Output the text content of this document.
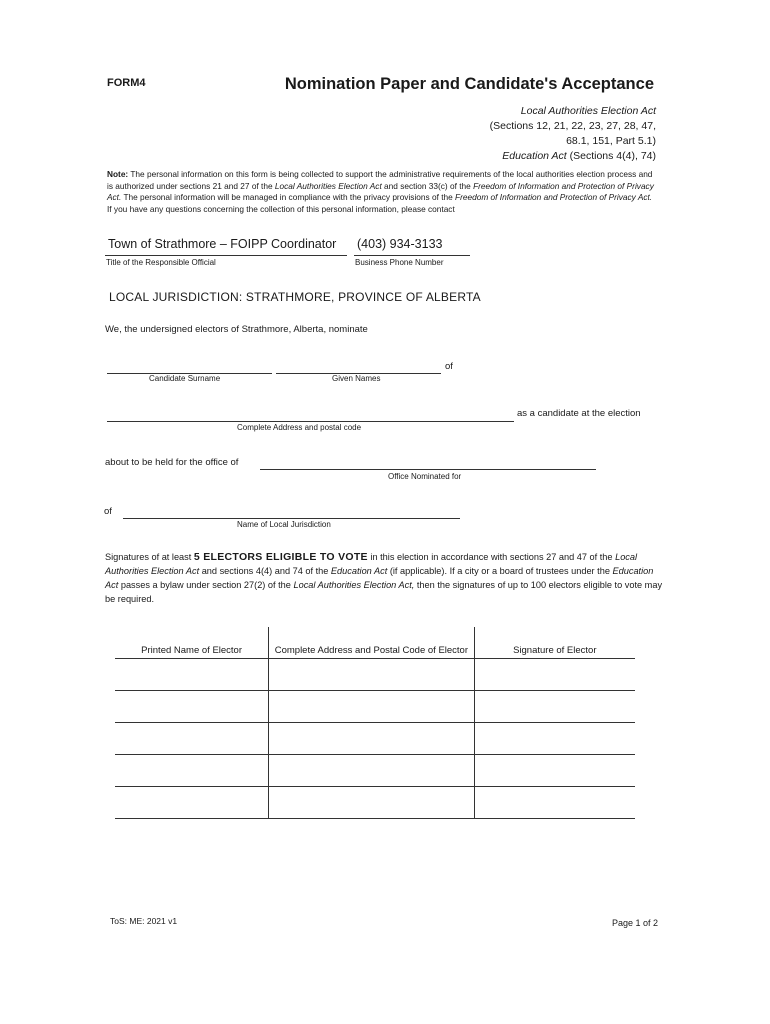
FORM4	Nomination Paper and Candidate's Acceptance
Local Authorities Election Act
(Sections 12, 21, 22, 23, 27, 28, 47,
68.1, 151, Part 5.1)
Education Act (Sections 4(4), 74)
Note: The personal information on this form is being collected to support the administrative requirements of the local authorities election process and is authorized under sections 21 and 27 of the Local Authorities Election Act and section 33(c) of the Freedom of Information and Protection of Privacy Act. The personal information will be managed in compliance with the privacy provisions of the Freedom of Information and Protection of Privacy Act. If you have any questions concerning the collection of this personal information, please contact
Town of Strathmore – FOIPP Coordinator
Title of the Responsible Official
(403) 934-3133
Business Phone Number
LOCAL JURISDICTION: STRATHMORE, PROVINCE OF ALBERTA
We, the undersigned electors of Strathmore, Alberta, nominate
Candidate Surname	Given Names
of
Complete Address and postal code
as a candidate at the election
about to be held for the office of
Office Nominated for
of
Name of Local Jurisdiction
Signatures of at least 5 ELECTORS ELIGIBLE TO VOTE in this election in accordance with sections 27 and 47 of the Local Authorities Election Act and sections 4(4) and 74 of the Education Act (if applicable). If a city or a board of trustees under the Education Act passes a bylaw under section 27(2) of the Local Authorities Election Act, then the signatures of up to 100 electors eligible to vote may be required.
Printed Name of Elector	Complete Address and Postal Code of Elector	Signature of Elector

ToS: ME: 2021 v1	Page 1 of 2
